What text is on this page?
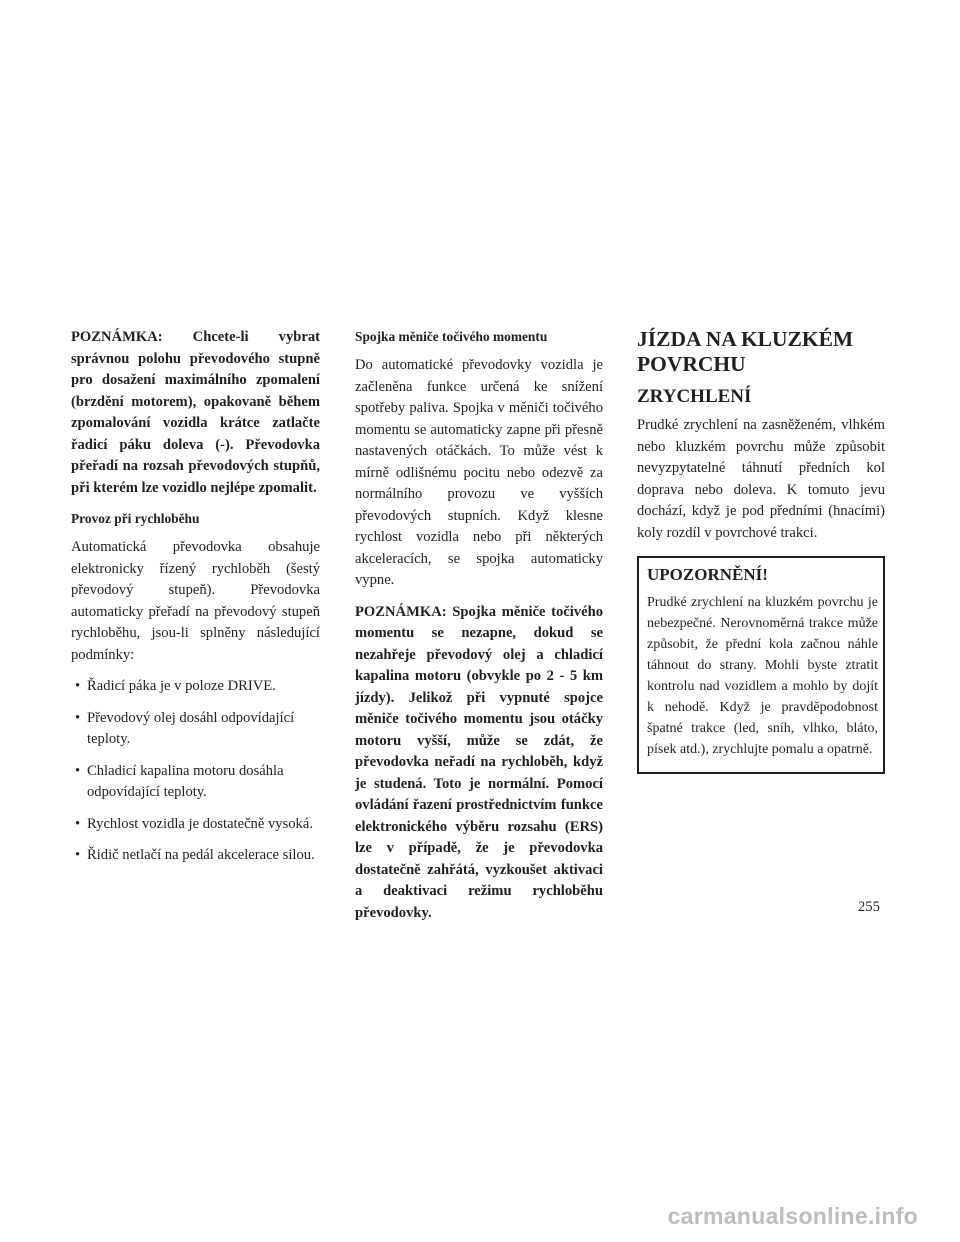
POZNÁMKA: Chcete-li vybrat správnou polohu převodového stupně pro dosažení maximálního zpomalení (brzdění motorem), opakovaně během zpomalování vozidla krátce zatlačte řadicí páku doleva (-). Převodovka přeřadí na rozsah převodových stupňů, při kterém lze vozidlo nejlépe zpomalit.

Provoz při rychloběhu

Automatická převodovka obsahuje elektronicky řízený rychloběh (šestý převodový stupeň). Převodovka automaticky přeřadí na převodový stupeň rychloběhu, jsou-li splněny následující podmínky:

• Řadicí páka je v poloze DRIVE.
• Převodový olej dosáhl odpovídající teploty.
• Chladicí kapalina motoru dosáhla odpovídající teploty.
• Rychlost vozidla je dostatečně vysoká.
• Řidič netlačí na pedál akcelerace silou.

Spojka měniče točivého momentu

Do automatické převodovky vozidla je začleněna funkce určená ke snížení spotřeby paliva. Spojka v měniči točivého momentu se automaticky zapne při přesně nastavených otáčkách. To může vést k mírně odlišnému pocitu nebo odezvě za normálního provozu ve vyšších převodových stupních. Když klesne rychlost vozidla nebo při některých akceleracích, se spojka automaticky vypne.

POZNÁMKA: Spojka měniče točivého momentu se nezapne, dokud se nezahřeje převodový olej a chladicí kapalina motoru (obvykle po 2 - 5 km jízdy). Jelikož při vypnuté spojce měniče točivého momentu jsou otáčky motoru vyšší, může se zdát, že převodovka neřadí na rychloběh, když je studená. Toto je normální. Pomocí ovládání řazení prostřednictvím funkce elektronického výběru rozsahu (ERS) lze v případě, že je převodovka dostatečně zahřátá, vyzkoušet aktivaci a deaktivaci režimu rychloběhu převodovky.

JÍZDA NA KLUZKÉM POVRCHU
ZRYCHLENÍ

Prudké zrychlení na zasněženém, vlhkém nebo kluzkém povrchu může způsobit nevyzpytatelné táhnutí předních kol doprava nebo doleva. K tomuto jevu dochází, když je pod předními (hnacími) koly rozdíl v povrchové trakci.

UPOZORNĚNÍ!

Prudké zrychlení na kluzkém povrchu je nebezpečné. Nerovnoměrná trakce může způsobit, že přední kola začnou náhle táhnout do strany. Mohli byste ztratit kontrolu nad vozidlem a mohlo by dojít k nehodě. Když je pravděpodobnost špatné trakce (led, sníh, vlhko, bláto, písek atd.), zrychlujte pomalu a opatrně.

255
carmanualsonline.info
